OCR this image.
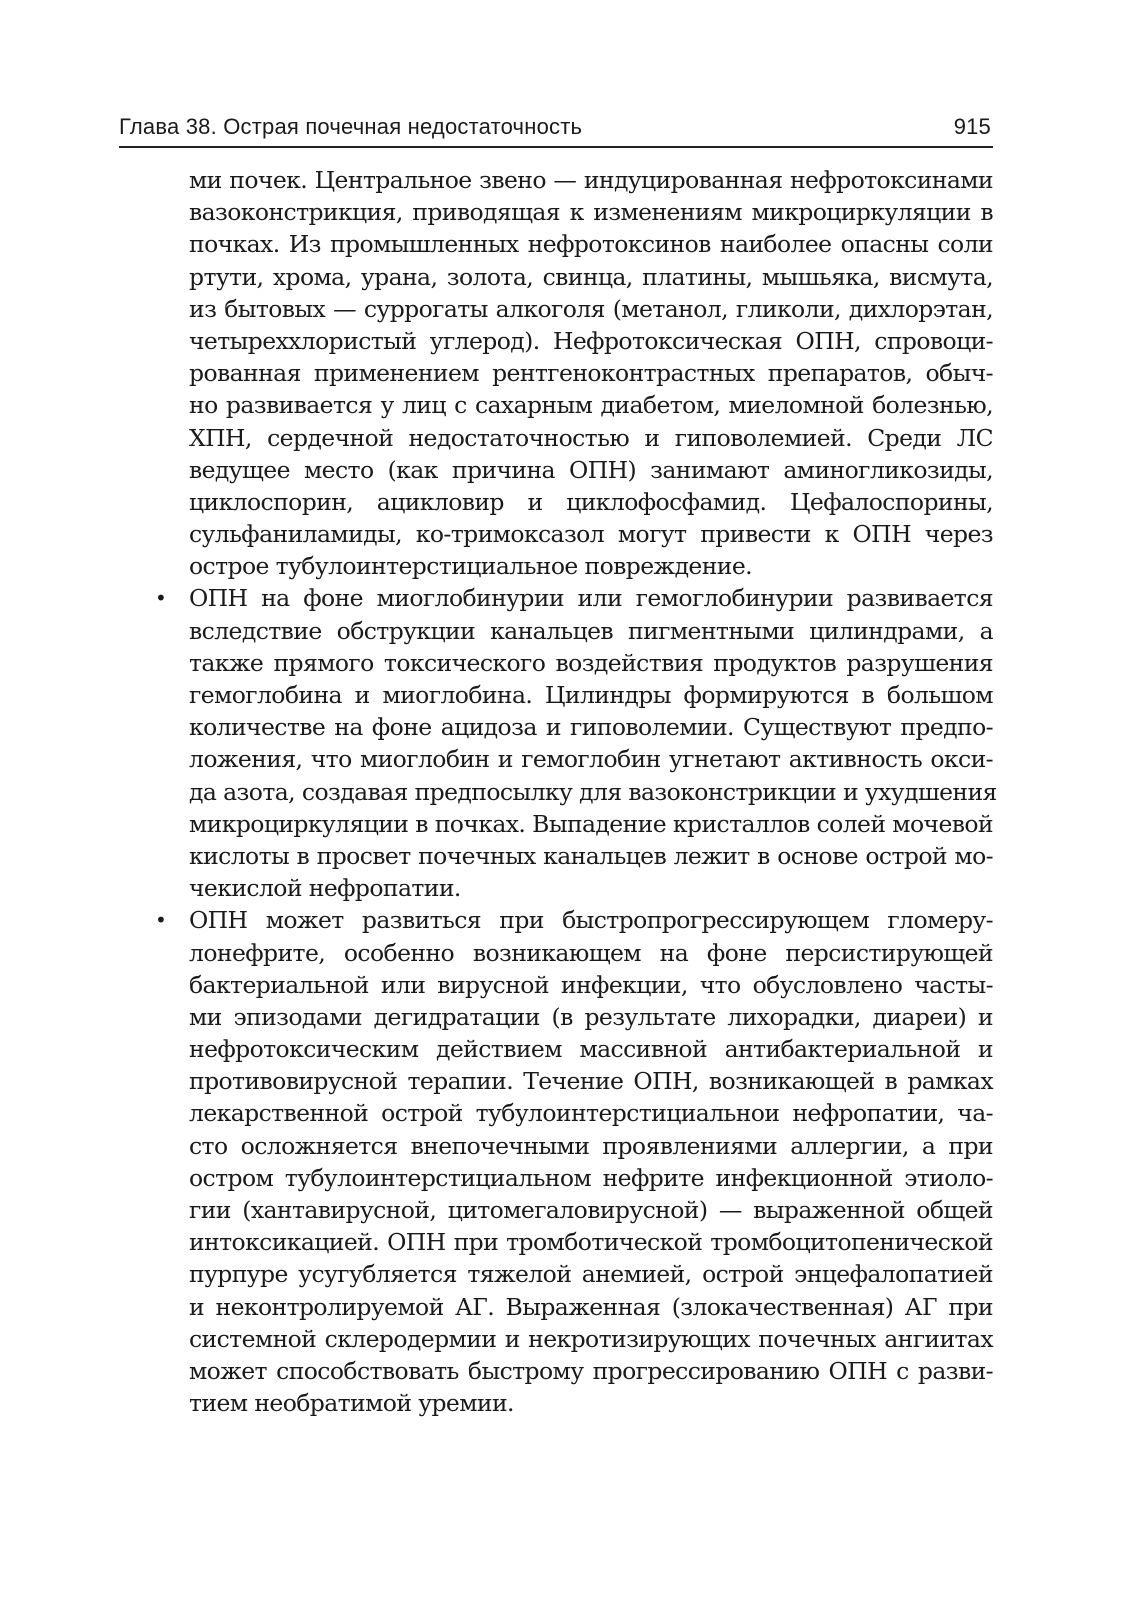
Глава 38. Острая почечная недостаточность	915
ми почек. Центральное звено — индуцированная нефротоксинами
вазоконстрикция, приводящая к изменениям микроциркуляции в
почках. Из промышленных нефротоксинов наиболее опасны соли
ртути, хрома, урана, золота, свинца, платины, мышьяка, висмута,
из бытовых — суррогаты алкоголя (метанол, гликоли, дихлорэтан,
четыреххлористый углерод). Нефротоксическая ОПН, спровоци-
рованная применением рентгеноконтрастных препаратов, обыч-
но развивается у лиц с сахарным диабетом, миеломной болезнью,
ХПН, сердечной недостаточностью и гиповолемией. Среди ЛС
ведущее место (как причина ОПН) занимают аминогликозиды,
циклоспорин, ацикловир и циклофосфамид. Цефалоспорины,
сульфаниламиды, ко-тримоксазол могут привести к ОПН через
острое тубулоинтерстициальное повреждение.
• ОПН на фоне миоглобинурии или гемоглобинурии развивается
вследствие обструкции канальцев пигментными цилиндрами, а
также прямого токсического воздействия продуктов разрушения
гемоглобина и миоглобина. Цилиндры формируются в большом
количестве на фоне ацидоза и гиповолемии. Существуют предпо-
ложения, что миоглобин и гемоглобин угнетают активность окси-
да азота, создавая предпосылку для вазоконстрикции и ухудшения
микроциркуляции в почках. Выпадение кристаллов солей мочевой
кислоты в просвет почечных канальцев лежит в основе острой мо-
чекислой нефропатии.
• ОПН может развиться при быстропрогрессирующем гломеру-
лонефрите, особенно возникающем на фоне персистирующей
бактериальной или вирусной инфекции, что обусловлено часты-
ми эпизодами дегидратации (в результате лихорадки, диареи) и
нефротоксическим действием массивной антибактериальной и
противовирусной терапии. Течение ОПН, возникающей в рамках
лекарственной острой тубулоинтерстициальнои нефропатии, ча-
сто осложняется внепочечными проявлениями аллергии, а при
остром тубулоинтерстициальном нефрите инфекционной этиоло-
гии (хантавирусной, цитомегаловирусной) — выраженной общей
интоксикацией. ОПН при тромботической тромбоцитопенической
пурпуре усугубляется тяжелой анемией, острой энцефалопатией
и неконтролируемой АГ. Выраженная (злокачественная) АГ при
системной склеродермии и некротизирующих почечных ангиитах
может способствовать быстрому прогрессированию ОПН с разви-
тием необратимой уремии.
